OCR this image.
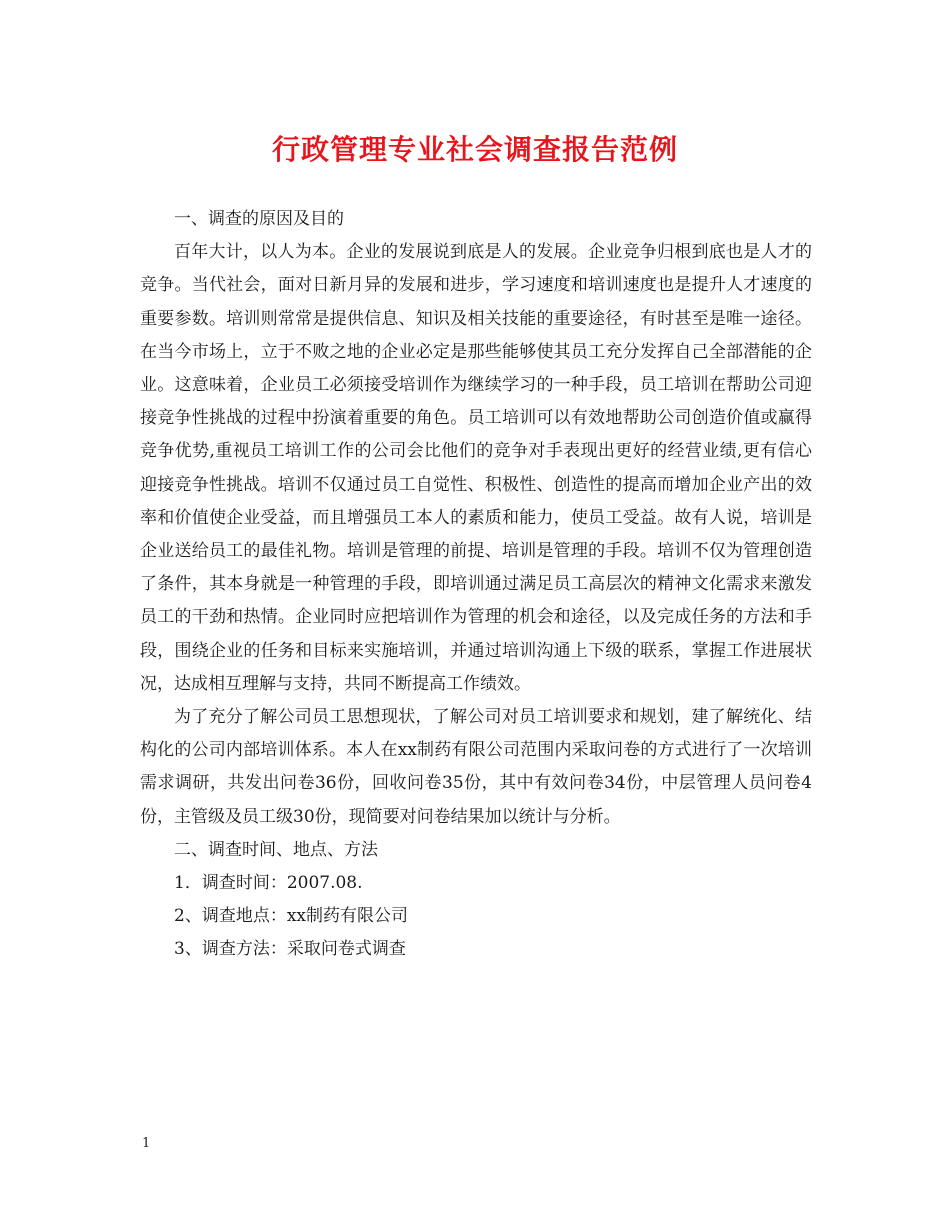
行政管理专业社会调查报告范例

一、调查的原因及目的

百年大计，以人为本。企业的发展说到底是人的发展。企业竞争归根到底也是人才的竞争。当代社会，面对日新月异的发展和进步，学习速度和培训速度也是提升人才速度的重要参数。培训则常常是提供信息、知识及相关技能的重要途径，有时甚至是唯一途径。在当今市场上，立于不败之地的企业必定是那些能够使其员工充分发挥自己全部潜能的企业。这意味着，企业员工必须接受培训作为继续学习的一种手段，员工培训在帮助公司迎接竞争性挑战的过程中扮演着重要的角色。员工培训可以有效地帮助公司创造价值或赢得竞争优势,重视员工培训工作的公司会比他们的竞争对手表现出更好的经营业绩,更有信心迎接竞争性挑战。培训不仅通过员工自觉性、积极性、创造性的提高而增加企业产出的效率和价值使企业受益，而且增强员工本人的素质和能力，使员工受益。故有人说，培训是企业送给员工的最佳礼物。培训是管理的前提、培训是管理的手段。培训不仅为管理创造了条件，其本身就是一种管理的手段，即培训通过满足员工高层次的精神文化需求来激发员工的干劲和热情。企业同时应把培训作为管理的机会和途径，以及完成任务的方法和手段，围绕企业的任务和目标来实施培训，并通过培训沟通上下级的联系，掌握工作进展状况，达成相互理解与支持，共同不断提高工作绩效。

为了充分了解公司员工思想现状，了解公司对员工培训要求和规划，建了解统化、结构化的公司内部培训体系。本人在xx制药有限公司范围内采取问卷的方式进行了一次培训需求调研，共发出问卷36份，回收问卷35份，其中有效问卷34份，中层管理人员问卷4份，主管级及员工级30份，现简要对问卷结果加以统计与分析。

二、调查时间、地点、方法

1．调查时间：2007.08.

2、调查地点：xx制药有限公司

3、调查方法：采取问卷式调查

1
